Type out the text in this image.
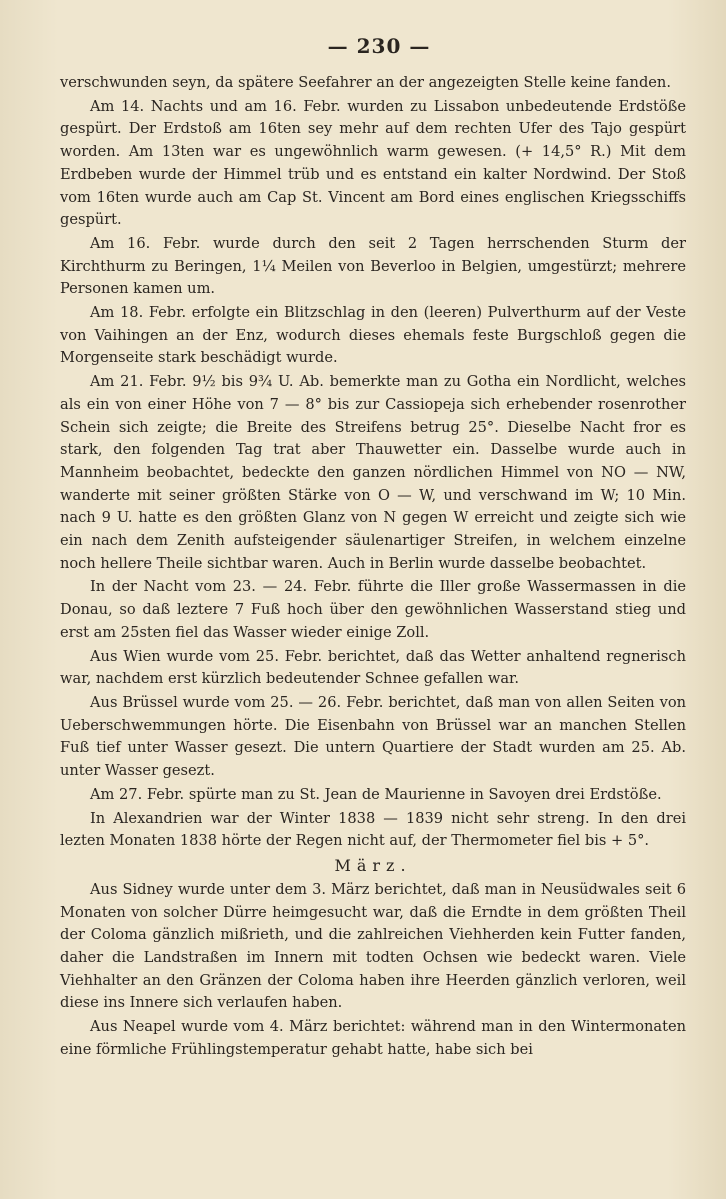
— 230 —

verschwunden seyn, da spätere Seefahrer an der angezeigten Stelle keine fanden.

Am 14. Nachts und am 16. Febr. wurden zu Lissabon unbedeutende Erdstöße gespürt. Der Erdstoß am 16ten sey mehr auf dem rechten Ufer des Tajo gespürt worden. Am 13ten war es ungewöhnlich warm gewesen. (+ 14,5° R.) Mit dem Erdbeben wurde der Himmel trüb und es entstand ein kalter Nordwind. Der Stoß vom 16ten wurde auch am Cap St. Vincent am Bord eines englischen Kriegsschiffs gespürt.

Am 16. Febr. wurde durch den seit 2 Tagen herrschenden Sturm der Kirchthurm zu Beringen, 1¼ Meilen von Beverloo in Belgien, umgestürzt; mehrere Personen kamen um.

Am 18. Febr. erfolgte ein Blitzschlag in den (leeren) Pulverthurm auf der Veste von Vaihingen an der Enz, wodurch dieses ehemals feste Burgschloß gegen die Morgenseite stark beschädigt wurde.

Am 21. Febr. 9½ bis 9¾ U. Ab. bemerkte man zu Gotha ein Nordlicht, welches als ein von einer Höhe von 7 — 8° bis zur Cassiopeja sich erhebender rosenrother Schein sich zeigte; die Breite des Streifens betrug 25°. Dieselbe Nacht fror es stark, den folgenden Tag trat aber Thauwetter ein. Dasselbe wurde auch in Mannheim beobachtet, bedeckte den ganzen nördlichen Himmel von NO — NW, wanderte mit seiner größten Stärke von O — W, und verschwand im W; 10 Min. nach 9 U. hatte es den größten Glanz von N gegen W erreicht und zeigte sich wie ein nach dem Zenith aufsteigender säulenartiger Streifen, in welchem einzelne noch hellere Theile sichtbar waren. Auch in Berlin wurde dasselbe beobachtet.

In der Nacht vom 23. — 24. Febr. führte die Iller große Wassermassen in die Donau, so daß leztere 7 Fuß hoch über den gewöhnlichen Wasserstand stieg und erst am 25sten fiel das Wasser wieder einige Zoll.

Aus Wien wurde vom 25. Febr. berichtet, daß das Wetter anhaltend regnerisch war, nachdem erst kürzlich bedeutender Schnee gefallen war.

Aus Brüssel wurde vom 25. — 26. Febr. berichtet, daß man von allen Seiten von Ueberschwemmungen hörte. Die Eisenbahn von Brüssel war an manchen Stellen Fuß tief unter Wasser gesezt. Die untern Quartiere der Stadt wurden am 25. Ab. unter Wasser gesezt.

Am 27. Febr. spürte man zu St. Jean de Maurienne in Savoyen drei Erdstöße.

In Alexandrien war der Winter 1838 — 1839 nicht sehr streng. In den drei lezten Monaten 1838 hörte der Regen nicht auf, der Thermometer fiel bis + 5°.

März.

Aus Sidney wurde unter dem 3. März berichtet, daß man in Neusüdwales seit 6 Monaten von solcher Dürre heimgesucht war, daß die Erndte in dem größten Theil der Coloma gänzlich mißrieth, und die zahlreichen Viehherden kein Futter fanden, daher die Landstraßen im Innern mit todten Ochsen wie bedeckt waren. Viele Viehhalter an den Gränzen der Coloma haben ihre Heerden gänzlich verloren, weil diese ins Innere sich verlaufen haben.

Aus Neapel wurde vom 4. März berichtet: während man in den Wintermonaten eine förmliche Frühlingstemperatur gehabt hatte, habe sich bei
